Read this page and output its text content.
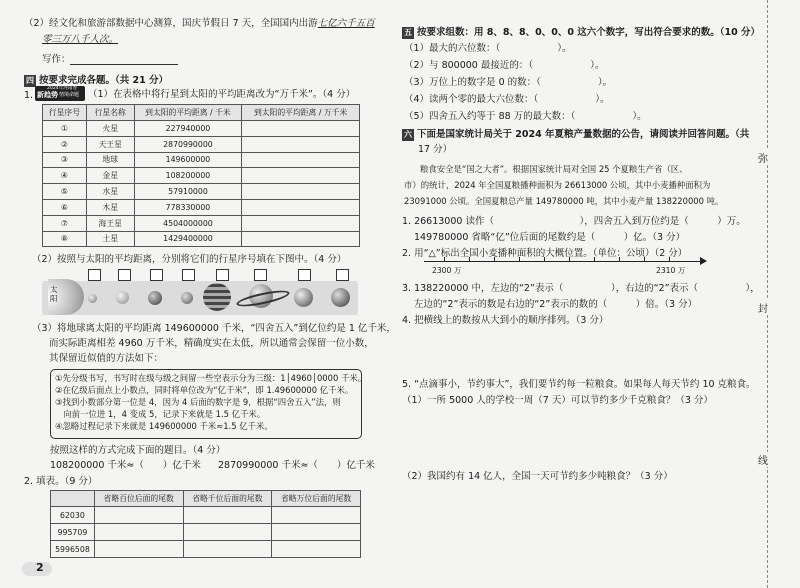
（2）经文化和旅游部数据中心测算，国庆节假日 7 天，全国国内出游七亿六千五百
零三万八千人次。
写作：
四 按要求完成各题。（共 21 分）
1.
2024年河南卷
新趋势 情境命题 （1）在表格中将行星到太阳的平均距离改为“万千米”。（4 分）
行星序号	行星名称	到太阳的平均距离 / 千米	到太阳的平均距离 / 万千米
①	火星	227940000	
②	天王星	2870990000	
③	地球	149600000	
④	金星	108200000	
⑤	水星	57910000	
⑥	木星	778330000	
⑦	海王星	4504000000	
⑧	土星	1429400000	
（2）按照与太阳的平均距离，分别将它们的行星序号填在下图中。（4 分）
太阳
（3）将地球离太阳的平均距离 149600000 千米，“四舍五入”到亿位约是 1 亿千米，
而实际距离相差 4960 万千米，精确度实在太低，所以通常会保留一位小数，
其保留近似值的方法如下：
①先分级书写，书写时在级与级之间留一些空表示分为三级：1│4960│0000 千米。
②在亿级后面点上小数点，同时将单位改为“亿千米”，即 1.49600000 亿千米。
③找到小数部分第一位是 4，因为 4 后面的数字是 9，根据“四舍五入”法，则
　向前一位进 1，4 变成 5，记录下来就是 1.5 亿千米。
④忽略过程记录下来就是 149600000 千米≈1.5 亿千米。
按照这样的方式完成下面的题目。（4 分）
108200000 千米≈（　　）亿千米 2870990000 千米≈（　　）亿千米
2. 填表。（9 分）
	省略百位后面的尾数	省略千位后面的尾数	省略万位后面的尾数
62030			
995709			
5996508			
2
五 按要求组数：用 8、8、8、0、0、0 这六个数字，写出符合要求的数。（10 分）
（1）最大的六位数：（　　　　　　）。
（2）与 800000 最接近的：（　　　　　　）。
（3）万位上的数字是 0 的数：（　　　　　　）。
（4）读两个零的最大六位数：（　　　　　　）。
（5）四舍五入约等于 88 万的最大数：（　　　　　　）。
六 下面是国家统计局关于 2024 年夏粮产量数据的公告，请阅读并回答问题。（共
17 分）
粮食安全是“国之大者”。根据国家统计局对全国 25 个夏粮生产省（区、
市）的统计，2024 年全国夏粮播种面积为 26613000 公顷，其中小麦播种面积为
23091000 公顷。全国夏粮总产量 149780000 吨，其中小麦产量 138220000 吨。
1. 26613000 读作（　　　　　　　　　），四舍五入到万位约是（　　　）万。
149780000 省略“亿”位后面的尾数约是（　　　）亿。（3 分）
2. 用“△”标出全国小麦播种面积的大概位置。（单位：公顷）（2 分）
2300 万	2310 万
3. 138220000 中，左边的“2”表示（　　　　　），右边的“2”表示（　　　　　），
左边的“2”表示的数是右边的“2”表示的数的（　　　）倍。（3 分）
4. 把横线上的数按从大到小的顺序排列。（3 分）
5. “点滴事小，节约事大”，我们要节约每一粒粮食。如果每人每天节约 10 克粮食。
（1）一所 5000 人的学校一周（7 天）可以节约多少千克粮食？（3 分）
（2）我国约有 14 亿人，全国一天可节约多少吨粮食？（3 分）
弥
封
线
